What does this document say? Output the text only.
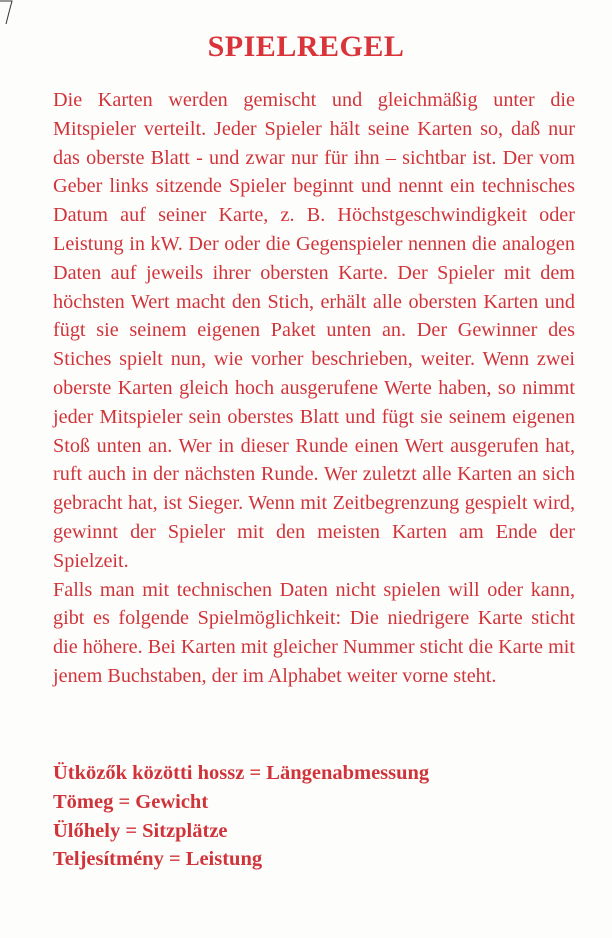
SPIELREGEL

Die Karten werden gemischt und gleichmäßig unter die Mitspieler verteilt. Jeder Spieler hält seine Karten so, daß nur das oberste Blatt - und zwar nur für ihn – sichtbar ist. Der vom Geber links sitzende Spieler beginnt und nennt ein technisches Datum auf seiner Karte, z. B. Höchstgeschwindigkeit oder Leistung in kW. Der oder die Gegenspieler nennen die analogen Daten auf jeweils ihrer obersten Karte. Der Spieler mit dem höchsten Wert macht den Stich, erhält alle obersten Karten und fügt sie seinem eigenen Paket unten an. Der Gewinner des Stiches spielt nun, wie vorher beschrieben, weiter. Wenn zwei oberste Karten gleich hoch ausgerufene Werte haben, so nimmt jeder Mitspieler sein oberstes Blatt und fügt sie seinem eigenen Stoß unten an. Wer in dieser Runde einen Wert ausgerufen hat, ruft auch in der nächsten Runde. Wer zuletzt alle Karten an sich gebracht hat, ist Sieger. Wenn mit Zeitbegrenzung gespielt wird, gewinnt der Spieler mit den meisten Karten am Ende der Spielzeit.

Falls man mit technischen Daten nicht spielen will oder kann, gibt es folgende Spielmöglichkeit: Die niedrigere Karte sticht die höhere. Bei Karten mit gleicher Nummer sticht die Karte mit jenem Buchstaben, der im Alphabet weiter vorne steht.

Ütközők közötti hossz = Längenabmessung
Tömeg = Gewicht
Ülőhely = Sitzplätze
Teljesítmény = Leistung
